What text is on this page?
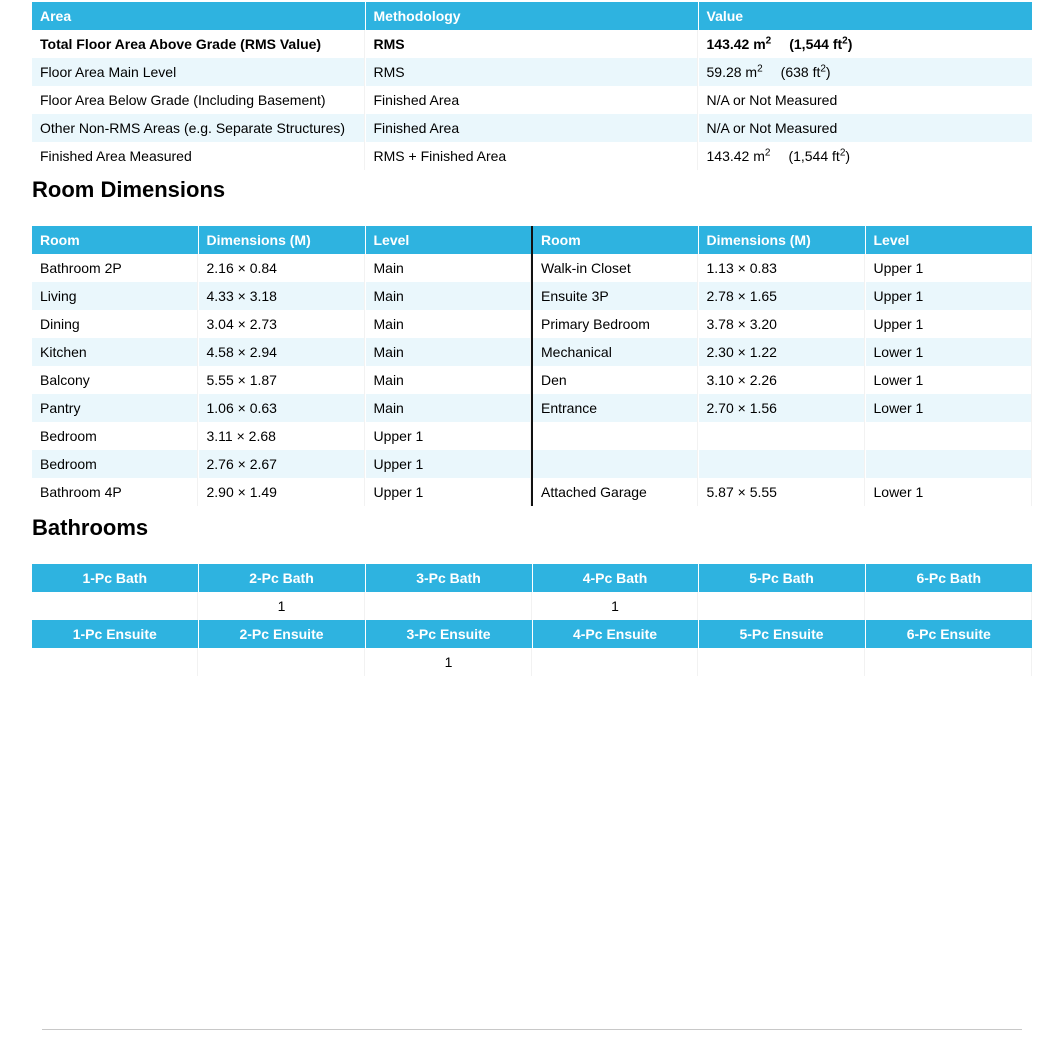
Area	Methodology	Value
Total Floor Area Above Grade (RMS Value)	RMS	143.42 $m^2$ (1,544 $ft^2$)
Floor Area Main Level	RMS	59.28 $m^2$ (638 $ft^2$)
Floor Area Below Grade (Including Basement)	Finished Area	N/A or Not Measured
Other Non-RMS Areas (e.g. Separate Structures)	Finished Area	N/A or Not Measured
Finished Area Measured	RMS + Finished Area	143.42 $m^2$ (1,544 $ft^2$)
Room Dimensions
Room	Dimensions (M)	Level	Room	Dimensions (M)	Level
Bathroom 2P	2.16 × 0.84	Main	Walk-in Closet	1.13 × 0.83	Upper 1
Living	4.33 × 3.18	Main	Ensuite 3P	2.78 × 1.65	Upper 1
Dining	3.04 × 2.73	Main	Primary Bedroom	3.78 × 3.20	Upper 1
Kitchen	4.58 × 2.94	Main	Mechanical	2.30 × 1.22	Lower 1
Balcony	5.55 × 1.87	Main	Den	3.10 × 2.26	Lower 1
Pantry	1.06 × 0.63	Main	Entrance	2.70 × 1.56	Lower 1
Bedroom	3.11 × 2.68	Upper 1			
Bedroom	2.76 × 2.67	Upper 1			
Bathroom 4P	2.90 × 1.49	Upper 1	Attached Garage	5.87 × 5.55	Lower 1
Bathrooms
1-Pc Bath	2-Pc Bath	3-Pc Bath	4-Pc Bath	5-Pc Bath	6-Pc Bath
	1		1		
1-Pc Ensuite	2-Pc Ensuite	3-Pc Ensuite	4-Pc Ensuite	5-Pc Ensuite	6-Pc Ensuite
		1			
